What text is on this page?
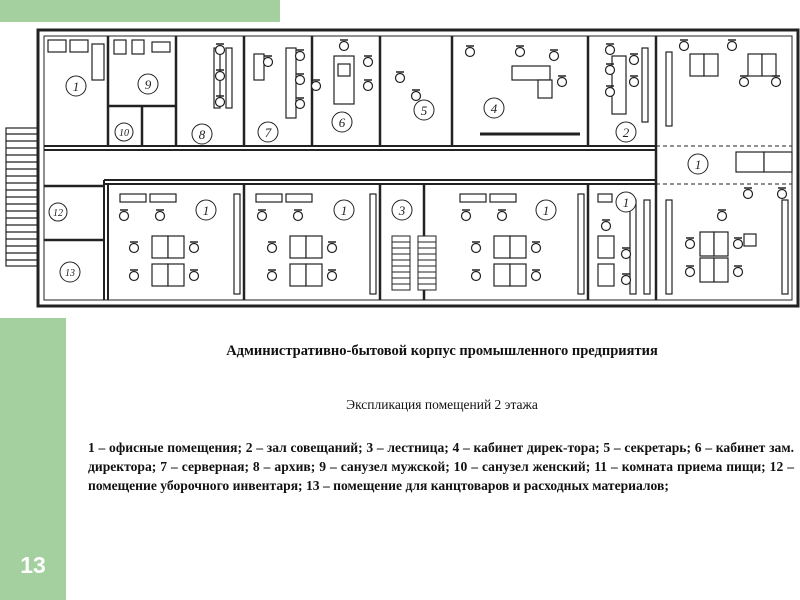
13
1	9
10	8	7
6
5	4
2
1
12
13
1	1	3	1
1
Административно-бытовой корпус промышленного предприятия
Экспликация помещений 2 этажа

1 – офисные помещения; 2 – зал совещаний; 3 – лестница; 4 – кабинет дирек-тора; 5 – секретарь; 6 – кабинет зам. директора; 7 – серверная; 8 – архив; 9 – санузел мужской; 10 – санузел женский; 11 – комната приема пищи; 12 – помещение уборочного инвентаря; 13 – помещение для канцтоваров и расходных материалов;
